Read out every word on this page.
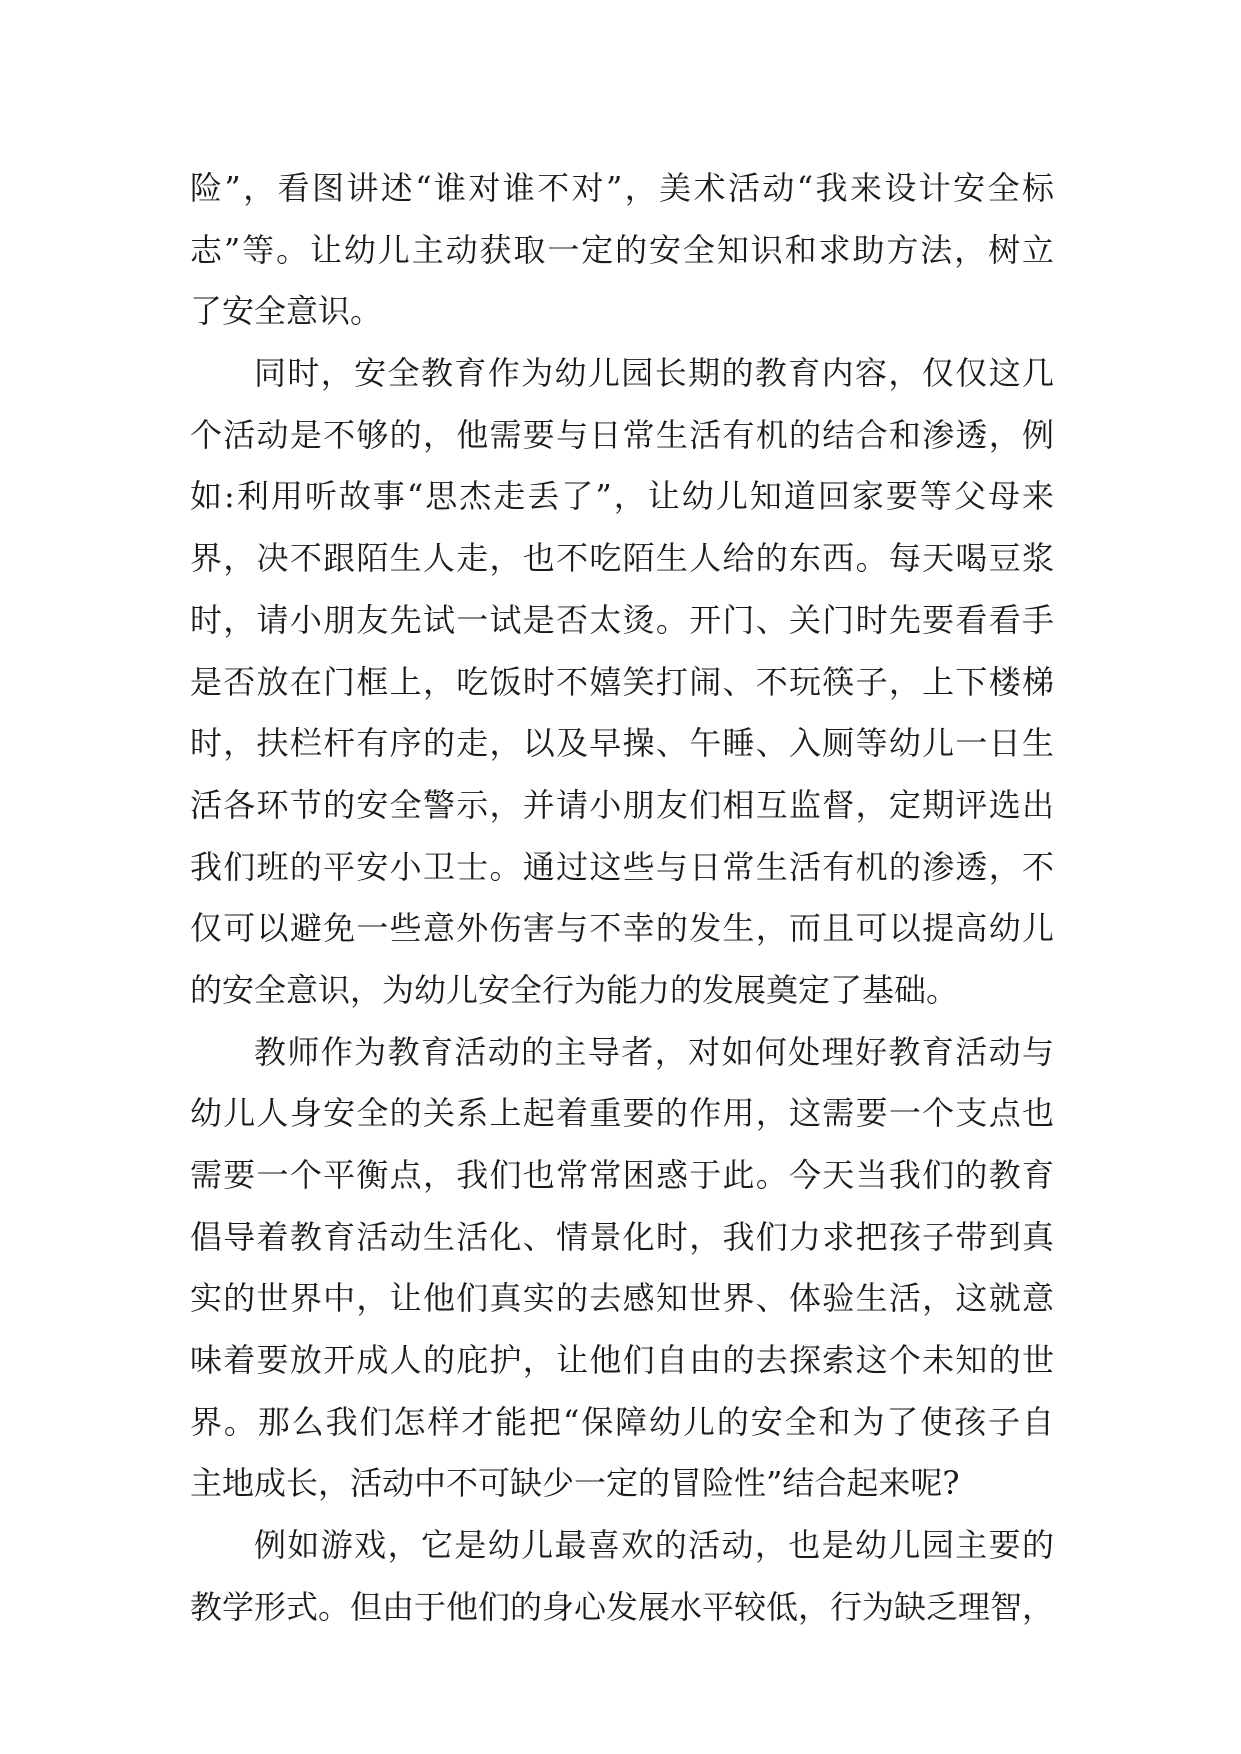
险”，看图讲述“谁对谁不对”，美术活动“我来设计安全标
志”等。让幼儿主动获取一定的安全知识和求助方法，树立
了安全意识。
同时，安全教育作为幼儿园长期的教育内容，仅仅这几
个活动是不够的，他需要与日常生活有机的结合和渗透，例
如:利用听故事“思杰走丢了”，让幼儿知道回家要等父母来
界，决不跟陌生人走，也不吃陌生人给的东西。每天喝豆浆
时，请小朋友先试一试是否太烫。开门、关门时先要看看手
是否放在门框上，吃饭时不嬉笑打闹、不玩筷子，上下楼梯
时，扶栏杆有序的走，以及早操、午睡、入厕等幼儿一日生
活各环节的安全警示，并请小朋友们相互监督，定期评选出
我们班的平安小卫士。通过这些与日常生活有机的渗透，不
仅可以避免一些意外伤害与不幸的发生，而且可以提高幼儿
的安全意识，为幼儿安全行为能力的发展奠定了基础。
教师作为教育活动的主导者，对如何处理好教育活动与
幼儿人身安全的关系上起着重要的作用，这需要一个支点也
需要一个平衡点，我们也常常困惑于此。今天当我们的教育
倡导着教育活动生活化、情景化时，我们力求把孩子带到真
实的世界中，让他们真实的去感知世界、体验生活，这就意
味着要放开成人的庇护，让他们自由的去探索这个未知的世
界。那么我们怎样才能把“保障幼儿的安全和为了使孩子自
主地成长，活动中不可缺少一定的冒险性”结合起来呢?
例如游戏，它是幼儿最喜欢的活动，也是幼儿园主要的
教学形式。但由于他们的身心发展水平较低，行为缺乏理智，
